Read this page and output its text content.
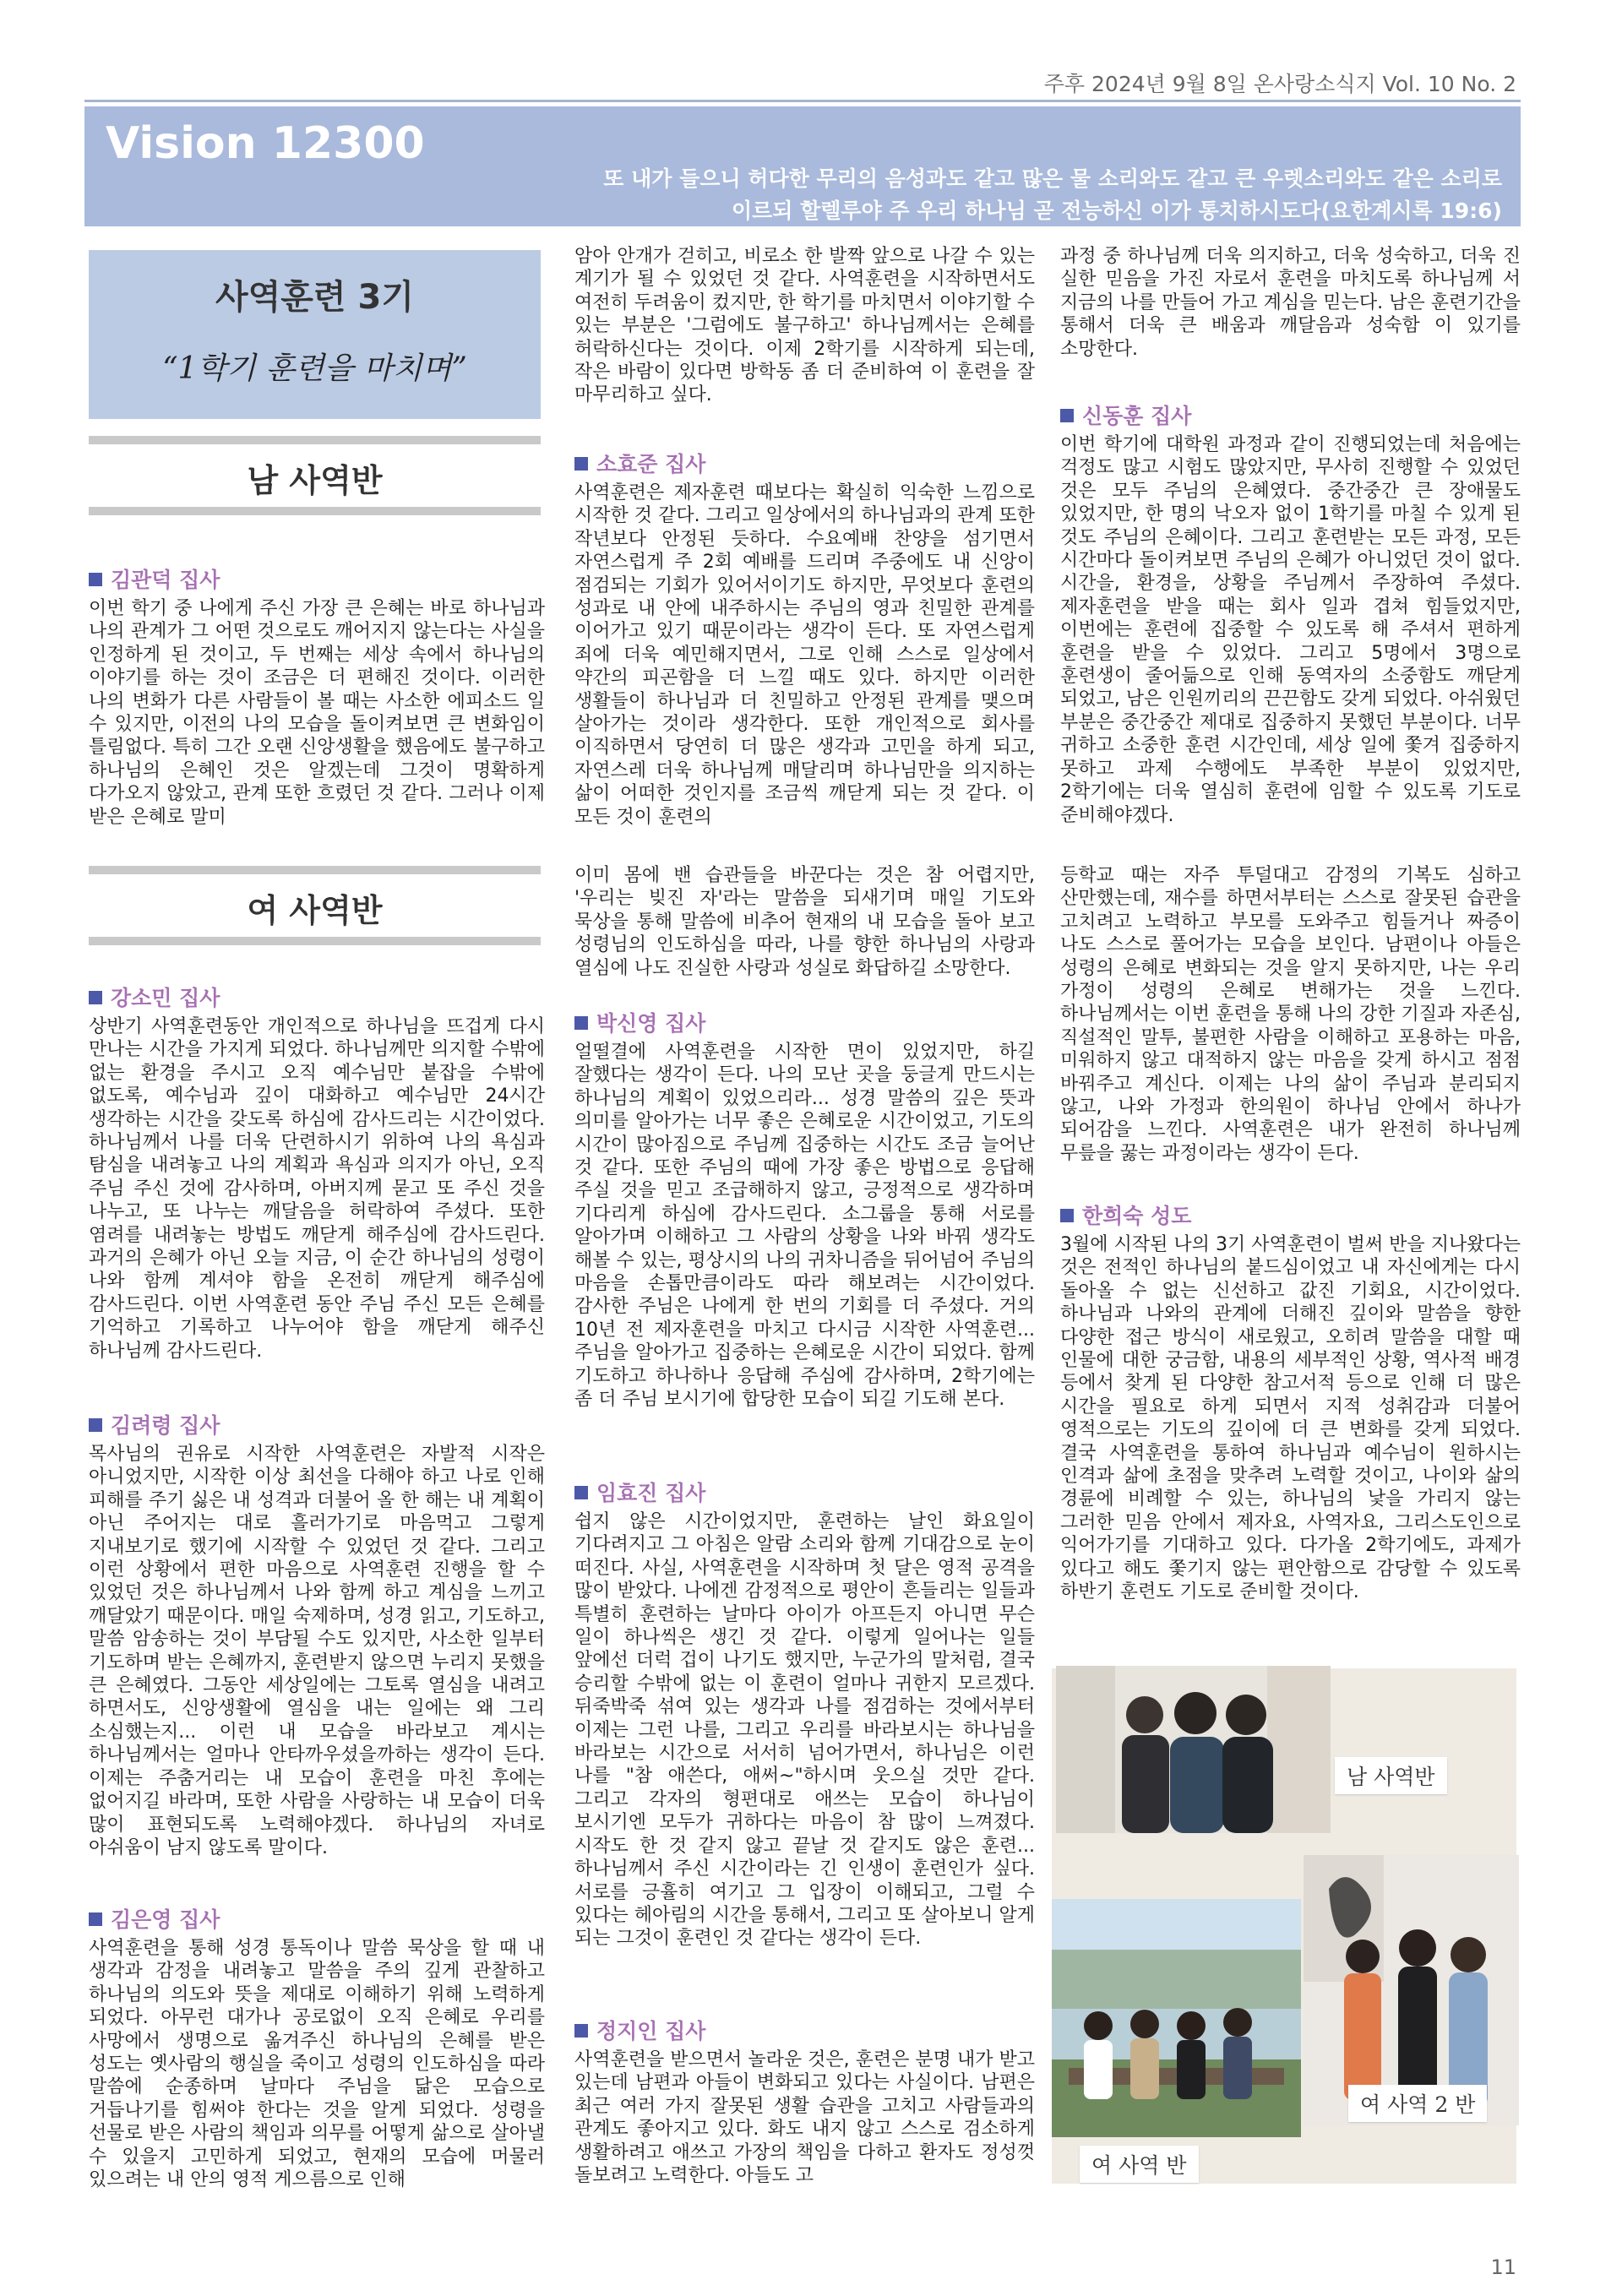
주후 2024년 9월 8일 온사랑소식지 Vol. 10 No. 2
Vision 12300
또 내가 들으니 허다한 무리의 음성과도 같고 많은 물 소리와도 같고 큰 우렛소리와도 같은 소리로
이르되 할렐루야 주 우리 하나님 곧 전능하신 이가 통치하시도다(요한계시록 19:6)
사역훈련 3기
“1학기 훈련을 마치며”
남 사역반
김관덕 집사

이번 학기 중 나에게 주신 가장 큰 은혜는 바로 하나님과 나의 관계가 그 어떤 것으로도 깨어지지 않는다는 사실을 인정하게 된 것이고, 두 번째는 세상 속에서 하나님의 이야기를 하는 것이 조금은 더 편해진 것이다. 이러한 나의 변화가 다른 사람들이 볼 때는 사소한 에피소드 일 수 있지만, 이전의 나의 모습을 돌이켜보면 큰 변화임이 틀림없다. 특히 그간 오랜 신앙생활을 했음에도 불구하고 하나님의 은혜인 것은 알겠는데 그것이 명확하게 다가오지 않았고, 관계 또한 흐렸던 것 같다. 그러나 이제 받은 은혜로 말미

암아 안개가 걷히고, 비로소 한 발짝 앞으로 나갈 수 있는 계기가 될 수 있었던 것 같다. 사역훈련을 시작하면서도 여전히 두려움이 컸지만, 한 학기를 마치면서 이야기할 수 있는 부분은 '그럼에도 불구하고' 하나님께서는 은혜를 허락하신다는 것이다. 이제 2학기를 시작하게 되는데, 작은 바람이 있다면 방학동 좀 더 준비하여 이 훈련을 잘 마무리하고 싶다.

소효준 집사

사역훈련은 제자훈련 때보다는 확실히 익숙한 느낌으로 시작한 것 같다. 그리고 일상에서의 하나님과의 관계 또한 작년보다 안정된 듯하다. 수요예배 찬양을 섬기면서 자연스럽게 주 2회 예배를 드리며 주중에도 내 신앙이 점검되는 기회가 있어서이기도 하지만, 무엇보다 훈련의 성과로 내 안에 내주하시는 주님의 영과 친밀한 관계를 이어가고 있기 때문이라는 생각이 든다. 또 자연스럽게 죄에 더욱 예민해지면서, 그로 인해 스스로 일상에서 약간의 피곤함을 더 느낄 때도 있다. 하지만 이러한 생활들이 하나님과 더 친밀하고 안정된 관계를 맺으며 살아가는 것이라 생각한다. 또한 개인적으로 회사를 이직하면서 당연히 더 많은 생각과 고민을 하게 되고, 자연스레 더욱 하나님께 매달리며 하나님만을 의지하는 삶이 어떠한 것인지를 조금씩 깨닫게 되는 것 같다. 이 모든 것이 훈련의

과정 중 하나님께 더욱 의지하고, 더욱 성숙하고, 더욱 진 실한 믿음을 가진 자로서 훈련을 마치도록 하나님께 서 지금의 나를 만들어 가고 계심을 믿는다. 남은 훈련기간을 통해서 더욱 큰 배움과 깨달음과 성숙함 이 있기를 소망한다.

신동훈 집사

이번 학기에 대학원 과정과 같이 진행되었는데 처음에는 걱정도 많고 시험도 많았지만, 무사히 진행할 수 있었던 것은 모두 주님의 은혜였다. 중간중간 큰 장애물도 있었지만, 한 명의 낙오자 없이 1학기를 마칠 수 있게 된 것도 주님의 은혜이다. 그리고 훈련받는 모든 과정, 모든 시간마다 돌이켜보면 주님의 은혜가 아니었던 것이 없다. 시간을, 환경을, 상황을 주님께서 주장하여 주셨다. 제자훈련을 받을 때는 회사 일과 겹쳐 힘들었지만, 이번에는 훈련에 집중할 수 있도록 해 주셔서 편하게 훈련을 받을 수 있었다. 그리고 5명에서 3명으로 훈련생이 줄어듦으로 인해 동역자의 소중함도 깨닫게 되었고, 남은 인원끼리의 끈끈함도 갖게 되었다. 아쉬웠던 부분은 중간중간 제대로 집중하지 못했던 부분이다. 너무 귀하고 소중한 훈련 시간인데, 세상 일에 쫓겨 집중하지 못하고 과제 수행에도 부족한 부분이 있었지만, 2학기에는 더욱 열심히 훈련에 임할 수 있도록 기도로 준비해야겠다.

여 사역반
강소민 집사

상반기 사역훈련동안 개인적으로 하나님을 뜨겁게 다시 만나는 시간을 가지게 되었다. 하나님께만 의지할 수밖에 없는 환경을 주시고 오직 예수님만 붙잡을 수밖에 없도록, 예수님과 깊이 대화하고 예수님만 24시간 생각하는 시간을 갖도록 하심에 감사드리는 시간이었다. 하나님께서 나를 더욱 단련하시기 위하여 나의 욕심과 탐심을 내려놓고 나의 계획과 욕심과 의지가 아닌, 오직 주님 주신 것에 감사하며, 아버지께 묻고 또 주신 것을 나누고, 또 나누는 깨달음을 허락하여 주셨다. 또한 염려를 내려놓는 방법도 깨닫게 해주심에 감사드린다. 과거의 은혜가 아닌 오늘 지금, 이 순간 하나님의 성령이 나와 함께 계셔야 함을 온전히 깨닫게 해주심에 감사드린다. 이번 사역훈련 동안 주님 주신 모든 은혜를 기억하고 기록하고 나누어야 함을 깨닫게 해주신 하나님께 감사드린다.

김려령 집사

목사님의 권유로 시작한 사역훈련은 자발적 시작은 아니었지만, 시작한 이상 최선을 다해야 하고 나로 인해 피해를 주기 싫은 내 성격과 더불어 올 한 해는 내 계획이 아닌 주어지는 대로 흘러가기로 마음먹고 그렇게 지내보기로 했기에 시작할 수 있었던 것 같다. 그리고 이런 상황에서 편한 마음으로 사역훈련 진행을 할 수 있었던 것은 하나님께서 나와 함께 하고 계심을 느끼고 깨달았기 때문이다. 매일 숙제하며, 성경 읽고, 기도하고, 말씀 암송하는 것이 부담될 수도 있지만, 사소한 일부터 기도하며 받는 은혜까지, 훈련받지 않으면 누리지 못했을 큰 은혜였다. 그동안 세상일에는 그토록 열심을 내려고 하면서도, 신앙생활에 열심을 내는 일에는 왜 그리 소심했는지... 이런 내 모습을 바라보고 계시는 하나님께서는 얼마나 안타까우셨을까하는 생각이 든다. 이제는 주춤거리는 내 모습이 훈련을 마친 후에는 없어지길 바라며, 또한 사람을 사랑하는 내 모습이 더욱 많이 표현되도록 노력해야겠다. 하나님의 자녀로 아쉬움이 남지 않도록 말이다.

김은영 집사

사역훈련을 통해 성경 통독이나 말씀 묵상을 할 때 내 생각과 감정을 내려놓고 말씀을 주의 깊게 관찰하고 하나님의 의도와 뜻을 제대로 이해하기 위해 노력하게 되었다. 아무런 대가나 공로없이 오직 은혜로 우리를 사망에서 생명으로 옮겨주신 하나님의 은혜를 받은 성도는 옛사람의 행실을 죽이고 성령의 인도하심을 따라 말씀에 순종하며 날마다 주님을 닮은 모습으로 거듭나기를 힘써야 한다는 것을 알게 되었다. 성령을 선물로 받은 사람의 책임과 의무를 어떻게 삶으로 살아낼 수 있을지 고민하게 되었고, 현재의 모습에 머물러 있으려는 내 안의 영적 게으름으로 인해

이미 몸에 밴 습관들을 바꾼다는 것은 참 어렵지만, '우리는 빚진 자'라는 말씀을 되새기며 매일 기도와 묵상을 통해 말씀에 비추어 현재의 내 모습을 돌아 보고 성령님의 인도하심을 따라, 나를 향한 하나님의 사랑과 열심에 나도 진실한 사랑과 성실로 화답하길 소망한다.

박신영 집사

얼떨결에 사역훈련을 시작한 면이 있었지만, 하길 잘했다는 생각이 든다. 나의 모난 곳을 둥글게 만드시는 하나님의 계획이 있었으리라... 성경 말씀의 깊은 뜻과 의미를 알아가는 너무 좋은 은혜로운 시간이었고, 기도의 시간이 많아짐으로 주님께 집중하는 시간도 조금 늘어난 것 같다. 또한 주님의 때에 가장 좋은 방법으로 응답해 주실 것을 믿고 조급해하지 않고, 긍정적으로 생각하며 기다리게 하심에 감사드린다. 소그룹을 통해 서로를 알아가며 이해하고 그 사람의 상황을 나와 바꿔 생각도 해볼 수 있는, 평상시의 나의 귀차니즘을 뒤어넘어 주님의 마음을 손톱만큼이라도 따라 해보려는 시간이었다. 감사한 주님은 나에게 한 번의 기회를 더 주셨다. 거의 10년 전 제자훈련을 마치고 다시금 시작한 사역훈련...주님을 알아가고 집중하는 은혜로운 시간이 되었다. 함께 기도하고 하나하나 응답해 주심에 감사하며, 2학기에는 좀 더 주님 보시기에 합당한 모습이 되길 기도해 본다.

임효진 집사

쉽지 않은 시간이었지만, 훈련하는 날인 화요일이 기다려지고 그 아침은 알람 소리와 함께 기대감으로 눈이 떠진다. 사실, 사역훈련을 시작하며 첫 달은 영적 공격을 많이 받았다. 나에겐 감정적으로 평안이 흔들리는 일들과 특별히 훈련하는 날마다 아이가 아프든지 아니면 무슨 일이 하나씩은 생긴 것 같다. 이렇게 일어나는 일들 앞에선 더럭 겁이 나기도 했지만, 누군가의 말처럼, 결국 승리할 수밖에 없는 이 훈련이 얼마나 귀한지 모르겠다. 뒤죽박죽 섞여 있는 생각과 나를 점검하는 것에서부터 이제는 그런 나를, 그리고 우리를 바라보시는 하나님을 바라보는 시간으로 서서히 넘어가면서, 하나님은 이런 나를 "참 애쓴다, 애써~"하시며 웃으실 것만 같다. 그리고 각자의 형편대로 애쓰는 모습이 하나님이 보시기엔 모두가 귀하다는 마음이 참 많이 느껴졌다. 시작도 한 것 같지 않고 끝날 것 같지도 않은 훈련... 하나님께서 주신 시간이라는 긴 인생이 훈련인가 싶다. 서로를 긍휼히 여기고 그 입장이 이해되고, 그럴 수 있다는 헤아림의 시간을 통해서, 그리고 또 살아보니 알게 되는 그것이 훈련인 것 같다는 생각이 든다.

정지인 집사

사역훈련을 받으면서 놀라운 것은, 훈련은 분명 내가 받고 있는데 남편과 아들이 변화되고 있다는 사실이다. 남편은 최근 여러 가지 잘못된 생활 습관을 고치고 사람들과의 관계도 좋아지고 있다. 화도 내지 않고 스스로 검소하게 생활하려고 애쓰고 가장의 책임을 다하고 환자도 정성껏 돌보려고 노력한다. 아들도 고

등학교 때는 자주 투덜대고 감정의 기복도 심하고 산만했는데, 재수를 하면서부터는 스스로 잘못된 습관을 고치려고 노력하고 부모를 도와주고 힘들거나 짜증이 나도 스스로 풀어가는 모습을 보인다. 남편이나 아들은 성령의 은혜로 변화되는 것을 알지 못하지만, 나는 우리 가정이 성령의 은혜로 변해가는 것을 느낀다. 하나님께서는 이번 훈련을 통해 나의 강한 기질과 자존심, 직설적인 말투, 불편한 사람을 이해하고 포용하는 마음, 미워하지 않고 대적하지 않는 마음을 갖게 하시고 점점 바꿔주고 계신다. 이제는 나의 삶이 주님과 분리되지 않고, 나와 가정과 한의원이 하나님 안에서 하나가 되어감을 느낀다. 사역훈련은 내가 완전히 하나님께 무릎을 꿇는 과정이라는 생각이 든다.

한희숙 성도

3월에 시작된 나의 3기 사역훈련이 벌써 반을 지나왔다는 것은 전적인 하나님의 붙드심이었고 내 자신에게는 다시 돌아올 수 없는 신선하고 값진 기회요, 시간이었다. 하나님과 나와의 관계에 더해진 깊이와 말씀을 향한 다양한 접근 방식이 새로웠고, 오히려 말씀을 대할 때 인물에 대한 궁금함, 내용의 세부적인 상황, 역사적 배경 등에서 찾게 된 다양한 참고서적 등으로 인해 더 많은 시간을 필요로 하게 되면서 지적 성취감과 더불어 영적으로는 기도의 깊이에 더 큰 변화를 갖게 되었다. 결국 사역훈련을 통하여 하나님과 예수님이 원하시는 인격과 삶에 초점을 맞추려 노력할 것이고, 나이와 삶의 경륜에 비례할 수 있는, 하나님의 낯을 가리지 않는 그러한 믿음 안에서 제자요, 사역자요, 그리스도인으로 익어가기를 기대하고 있다. 다가올 2학기에도, 과제가 있다고 해도 쫓기지 않는 편안함으로 감당할 수 있도록 하반기 훈련도 기도로 준비할 것이다.

남 사역반
여 사역 반
여 사역 2 반
11
